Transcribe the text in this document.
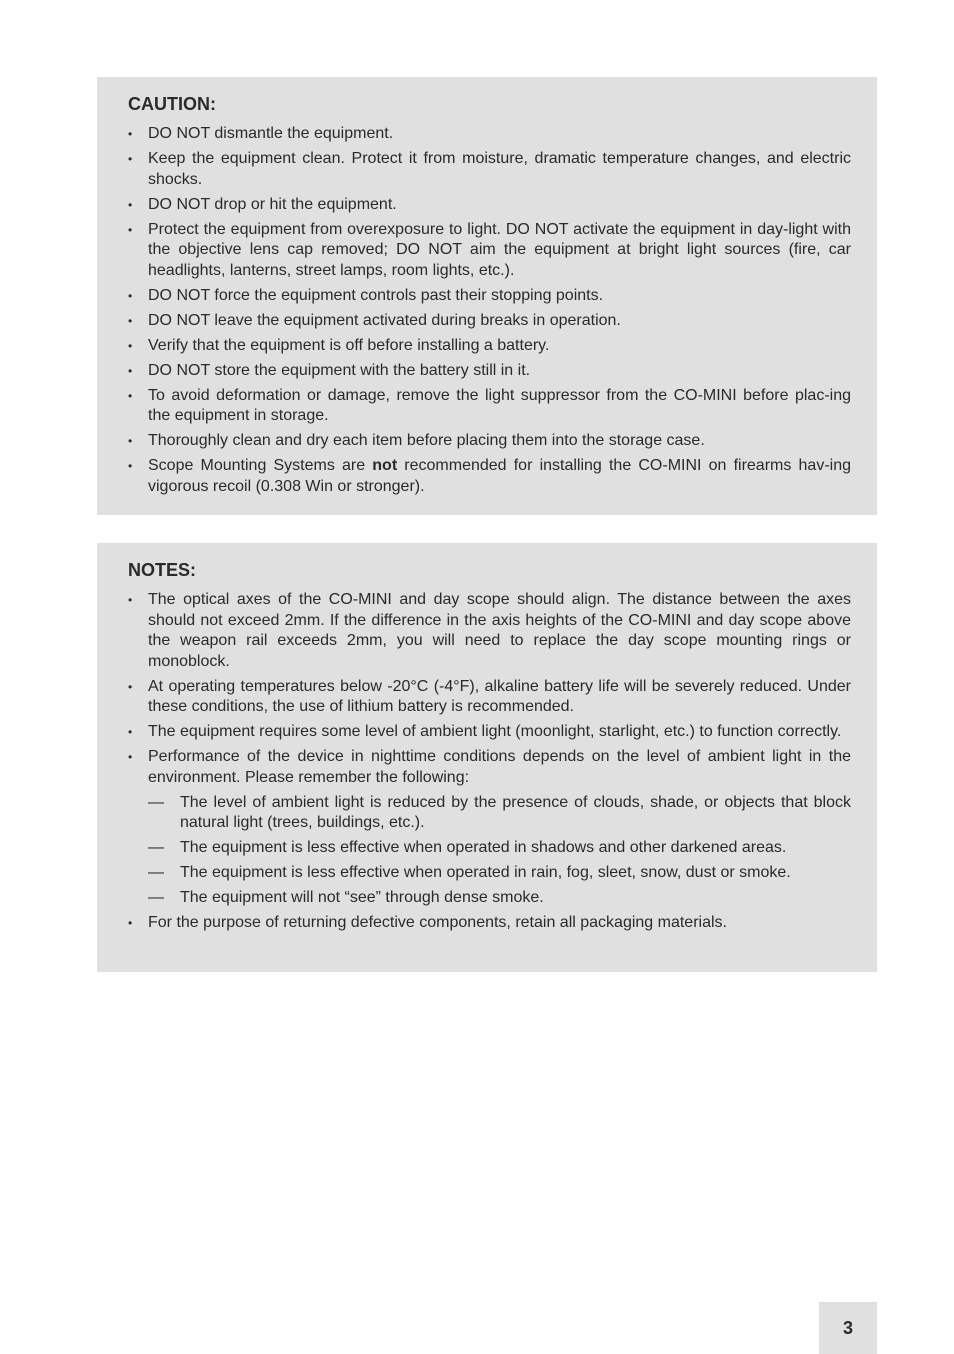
CAUTION:
• DO NOT dismantle the equipment.
• Keep the equipment clean. Protect it from moisture, dramatic temperature changes, and electric shocks.
• DO NOT drop or hit the equipment.
• Protect the equipment from overexposure to light. DO NOT activate the equipment in day-light with the objective lens cap removed; DO NOT aim the equipment at bright light sources (fire, car headlights, lanterns, street lamps, room lights, etc.).
• DO NOT force the equipment controls past their stopping points.
• DO NOT leave the equipment activated during breaks in operation.
• Verify that the equipment is off before installing a battery.
• DO NOT store the equipment with the battery still in it.
• To avoid deformation or damage, remove the light suppressor from the CO-MINI before plac-ing the equipment in storage.
• Thoroughly clean and dry each item before placing them into the storage case.
• Scope Mounting Systems are not recommended for installing the CO-MINI on firearms hav-ing vigorous recoil (0.308 Win or stronger).
NOTES:
• The optical axes of the CO-MINI and day scope should align. The distance between the axes should not exceed 2mm. If the difference in the axis heights of the CO-MINI and day scope above the weapon rail exceeds 2mm, you will need to replace the day scope mounting rings or monoblock.
• At operating temperatures below -20°C (-4°F), alkaline battery life will be severely reduced. Under these conditions, the use of lithium battery is recommended.
• The equipment requires some level of ambient light (moonlight, starlight, etc.) to function correctly.
• Performance of the device in nighttime conditions depends on the level of ambient light in the environment. Please remember the following:
— The level of ambient light is reduced by the presence of clouds, shade, or objects that block natural light (trees, buildings, etc.).
— The equipment is less effective when operated in shadows and other darkened areas.
— The equipment is less effective when operated in rain, fog, sleet, snow, dust or smoke.
— The equipment will not “see” through dense smoke.
• For the purpose of returning defective components, retain all packaging materials.
3
